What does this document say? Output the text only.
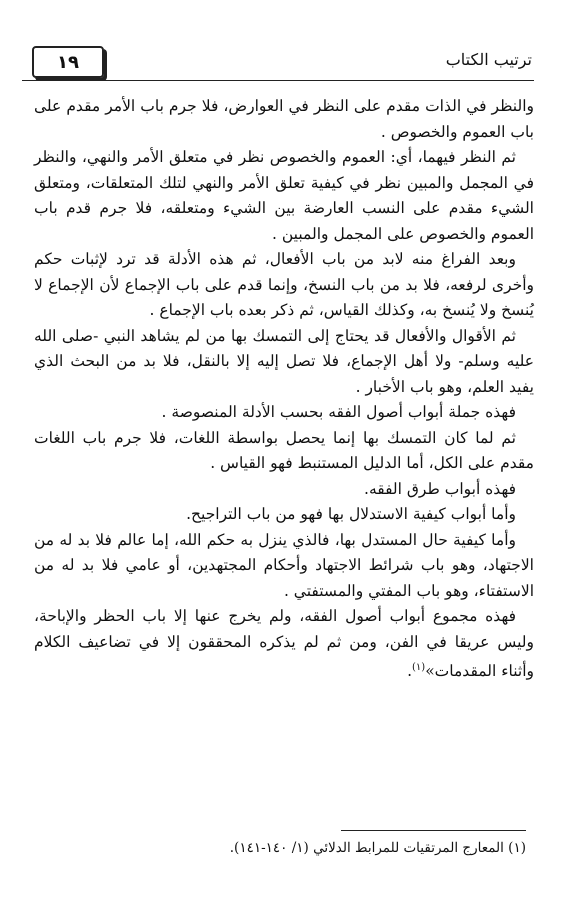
١٩	ترتيب الكتاب

والنظر في الذات مقدم على النظر في العوارض، فلا جرم باب الأمر مقدم على باب العموم والخصوص .

ثم النظر فيهما، أي: العموم والخصوص نظر في متعلق الأمر والنهي، والنظر في المجمل والمبين نظر في كيفية تعلق الأمر والنهي لتلك المتعلقات، ومتعلق الشيء مقدم على النسب العارضة بين الشيء ومتعلقه، فلا جرم قدم باب العموم والخصوص على المجمل والمبين .

وبعد الفراغ منه لابد من باب الأفعال، ثم هذه الأدلة قد ترد لإثبات حكم وأخرى لرفعه، فلا بد من باب النسخ، وإنما قدم على باب الإجماع لأن الإجماع لا يُنسخ ولا يُنسخ به، وكذلك القياس، ثم ذكر بعده باب الإجماع .

ثم الأقوال والأفعال قد يحتاج إلى التمسك بها من لم يشاهد النبي -صلى الله عليه وسلم- ولا أهل الإجماع، فلا تصل إليه إلا بالنقل، فلا بد من البحث الذي يفيد العلم، وهو باب الأخبار .

فهذه جملة أبواب أصول الفقه بحسب الأدلة المنصوصة .

ثم لما كان التمسك بها إنما يحصل بواسطة اللغات، فلا جرم باب اللغات مقدم على الكل، أما الدليل المستنبط فهو القياس .

فهذه أبواب طرق الفقه.

وأما أبواب كيفية الاستدلال بها فهو من باب التراجيح.

وأما كيفية حال المستدل بها، فالذي ينزل به حكم الله، إما عالم فلا بد له من الاجتهاد، وهو باب شرائط الاجتهاد وأحكام المجتهدين، أو عامي فلا بد له من الاستفتاء، وهو باب المفتي والمستفتي .

فهذه مجموع أبواب أصول الفقه، ولم يخرج عنها إلا باب الحظر والإباحة، وليس عريقا في الفن، ومن ثم لم يذكره المحققون إلا في تضاعيف الكلام وأثناء المقدمات»$^{(١)}$.

(١) المعارج المرتقيات للمرابط الدلائي (١/ ١٤٠-١٤١).
